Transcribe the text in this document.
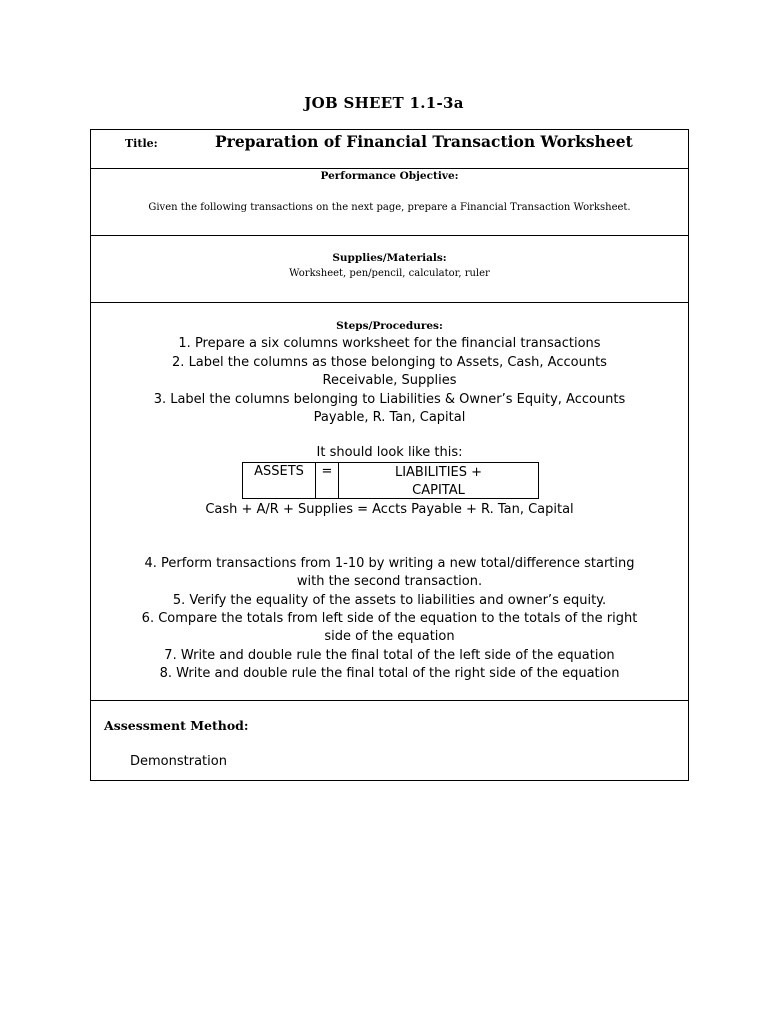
JOB SHEET 1.1-3a
Title:	Preparation of Financial Transaction Worksheet
Performance Objective:
Given the following transactions on the next page, prepare a Financial Transaction Worksheet.
Supplies/Materials:
Worksheet, pen/pencil, calculator, ruler
Steps/Procedures:
1. Prepare a six columns worksheet for the financial transactions
2. Label the columns as those belonging to Assets, Cash, Accounts
Receivable, Supplies
3. Label the columns belonging to Liabilities & Owner’s Equity, Accounts
Payable, R. Tan, Capital
It should look like this:
ASSETS	=	LIABILITIES +
CAPITAL
Cash + A/R + Supplies = Accts Payable + R. Tan, Capital
4. Perform transactions from 1-10 by writing a new total/difference starting
with the second transaction.
5. Verify the equality of the assets to liabilities and owner’s equity.
6. Compare the totals from left side of the equation to the totals of the right
side of the equation
7. Write and double rule the final total of the left side of the equation
8. Write and double rule the final total of the right side of the equation
Assessment Method:
Demonstration
